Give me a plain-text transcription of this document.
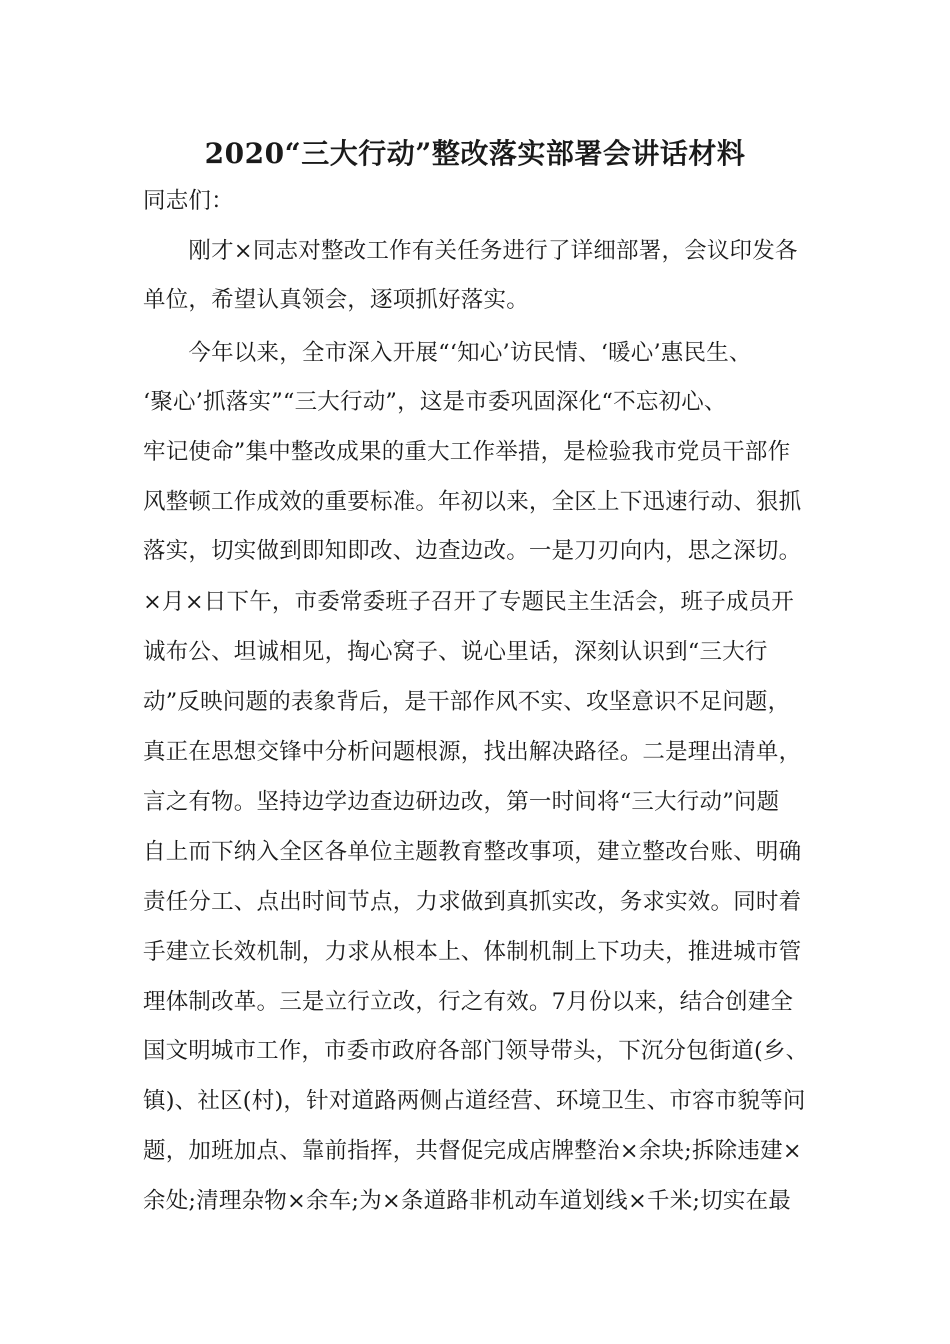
2020“三大行动”整改落实部署会讲话材料
同志们：
　　刚才×同志对整改工作有关任务进行了详细部署，会议印发各
单位，希望认真领会，逐项抓好落实。
　　今年以来，全市深入开展“‘知心’访民情、‘暖心’惠民生、
‘聚心’抓落实”“三大行动”，这是市委巩固深化“不忘初心、
牢记使命”集中整改成果的重大工作举措，是检验我市党员干部作
风整顿工作成效的重要标准。年初以来，全区上下迅速行动、狠抓
落实，切实做到即知即改、边查边改。一是刀刃向内，思之深切。
×月×日下午，市委常委班子召开了专题民主生活会，班子成员开
诚布公、坦诚相见，掏心窝子、说心里话，深刻认识到“三大行
动”反映问题的表象背后，是干部作风不实、攻坚意识不足问题，
真正在思想交锋中分析问题根源，找出解决路径。二是理出清单，
言之有物。坚持边学边查边研边改，第一时间将“三大行动”问题
自上而下纳入全区各单位主题教育整改事项，建立整改台账、明确
责任分工、点出时间节点，力求做到真抓实改，务求实效。同时着
手建立长效机制，力求从根本上、体制机制上下功夫，推进城市管
理体制改革。三是立行立改，行之有效。7月份以来，结合创建全
国文明城市工作，市委市政府各部门领导带头，下沉分包街道(乡、
镇)、社区(村)，针对道路两侧占道经营、环境卫生、市容市貌等问
题，加班加点、靠前指挥，共督促完成店牌整治×余块;拆除违建×
余处;清理杂物×余车;为×条道路非机动车道划线×千米;切实在最
